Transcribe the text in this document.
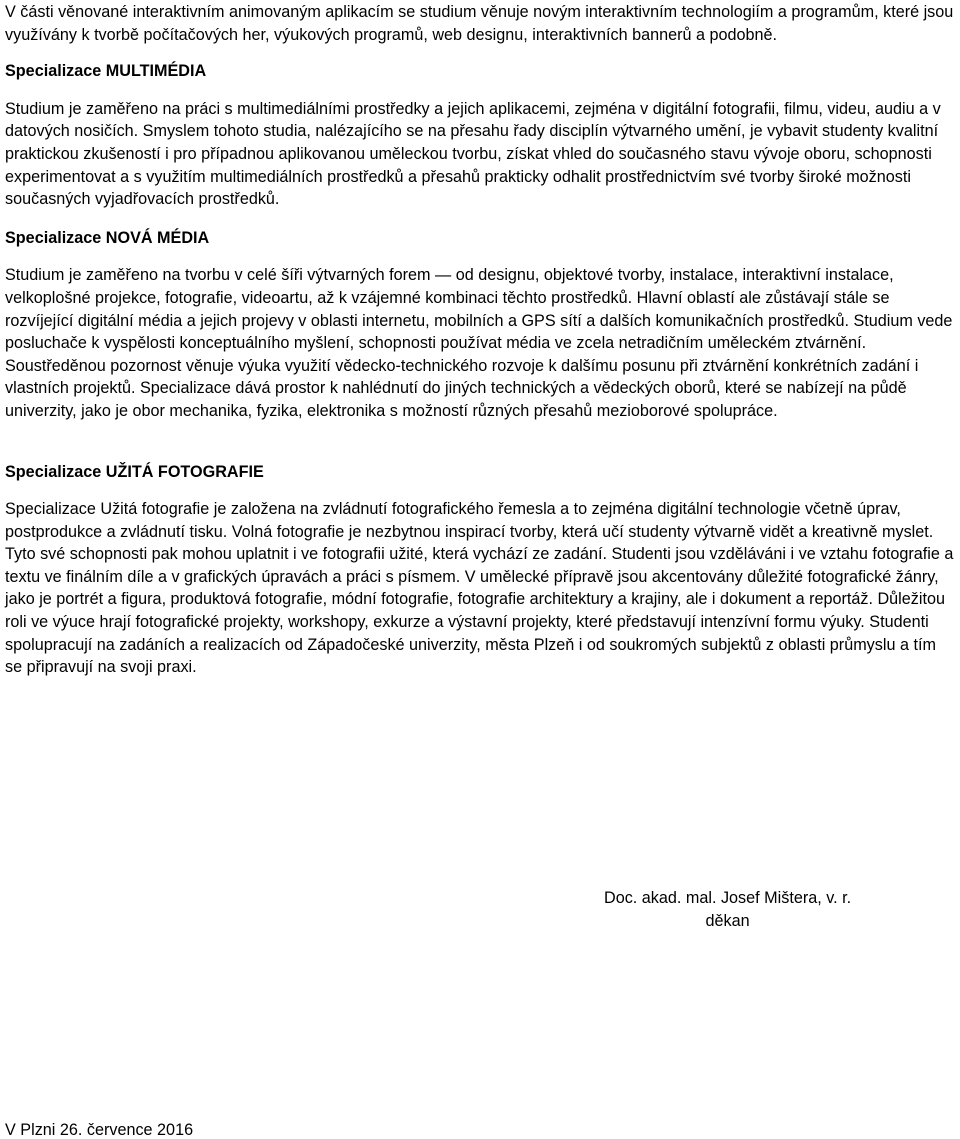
V části věnované interaktivním animovaným aplikacím se studium věnuje novým interaktivním technologiím a programům, které jsou využívány k tvorbě počítačových her, výukových programů, web designu, interaktivních bannerů a podobně.

Specializace MULTIMÉDIA

Studium je zaměřeno na práci s multimediálními prostředky a jejich aplikacemi, zejména v digitální fotografii, filmu, videu, audiu a v datových nosičích. Smyslem tohoto studia, nalézajícího se na přesahu řady disciplín výtvarného umění, je vybavit studenty kvalitní praktickou zkušeností i pro případnou aplikovanou uměleckou tvorbu, získat vhled do současného stavu vývoje oboru, schopnosti experimentovat a s využitím multimediálních prostředků a přesahů prakticky odhalit prostřednictvím své tvorby široké možnosti současných vyjadřovacích prostředků.

Specializace NOVÁ MÉDIA

Studium je zaměřeno na tvorbu v celé šíři výtvarných forem — od designu, objektové tvorby, instalace, interaktivní instalace, velkoplošné projekce, fotografie, videoartu, až k vzájemné kombinaci těchto prostředků. Hlavní oblastí ale zůstávají stále se rozvíjející digitální média a jejich projevy v oblasti internetu, mobilních a GPS sítí a dalších komunikačních prostředků. Studium vede posluchače k vyspělosti konceptuálního myšlení, schopnosti používat média ve zcela netradičním uměleckém ztvárnění. Soustředěnou pozornost věnuje výuka využití vědecko-technického rozvoje k dalšímu posunu při ztvárnění konkrétních zadání i vlastních projektů. Specializace dává prostor k nahlédnutí do jiných technických a vědeckých oborů, které se nabízejí na půdě univerzity, jako je obor mechanika, fyzika, elektronika s možností různých přesahů mezioborové spolupráce.

Specializace UŽITÁ FOTOGRAFIE

Specializace Užitá fotografie je založena na zvládnutí fotografického řemesla a to zejména digitální technologie včetně úprav, postprodukce a zvládnutí tisku. Volná fotografie je nezbytnou inspirací tvorby, která učí studenty výtvarně vidět a kreativně myslet. Tyto své schopnosti pak mohou uplatnit i ve fotografii užité, která vychází ze zadání. Studenti jsou vzděláváni i ve vztahu fotografie a textu ve finálním díle a v grafických úpravách a práci s písmem. V umělecké přípravě jsou akcentovány důležité fotografické žánry, jako je portrét a figura, produktová fotografie, módní fotografie, fotografie architektury a krajiny, ale i dokument a reportáž. Důležitou roli ve výuce hrají fotografické projekty, workshopy, exkurze a výstavní projekty, které představují intenzívní formu výuky. Studenti spolupracují na zadáních a realizacích od Západočeské univerzity, města Plzeň i od soukromých subjektů z oblasti průmyslu a tím se připravují na svoji praxi.

Doc. akad. mal. Josef Mištera, v. r.
děkan
V Plzni 26. července 2016
